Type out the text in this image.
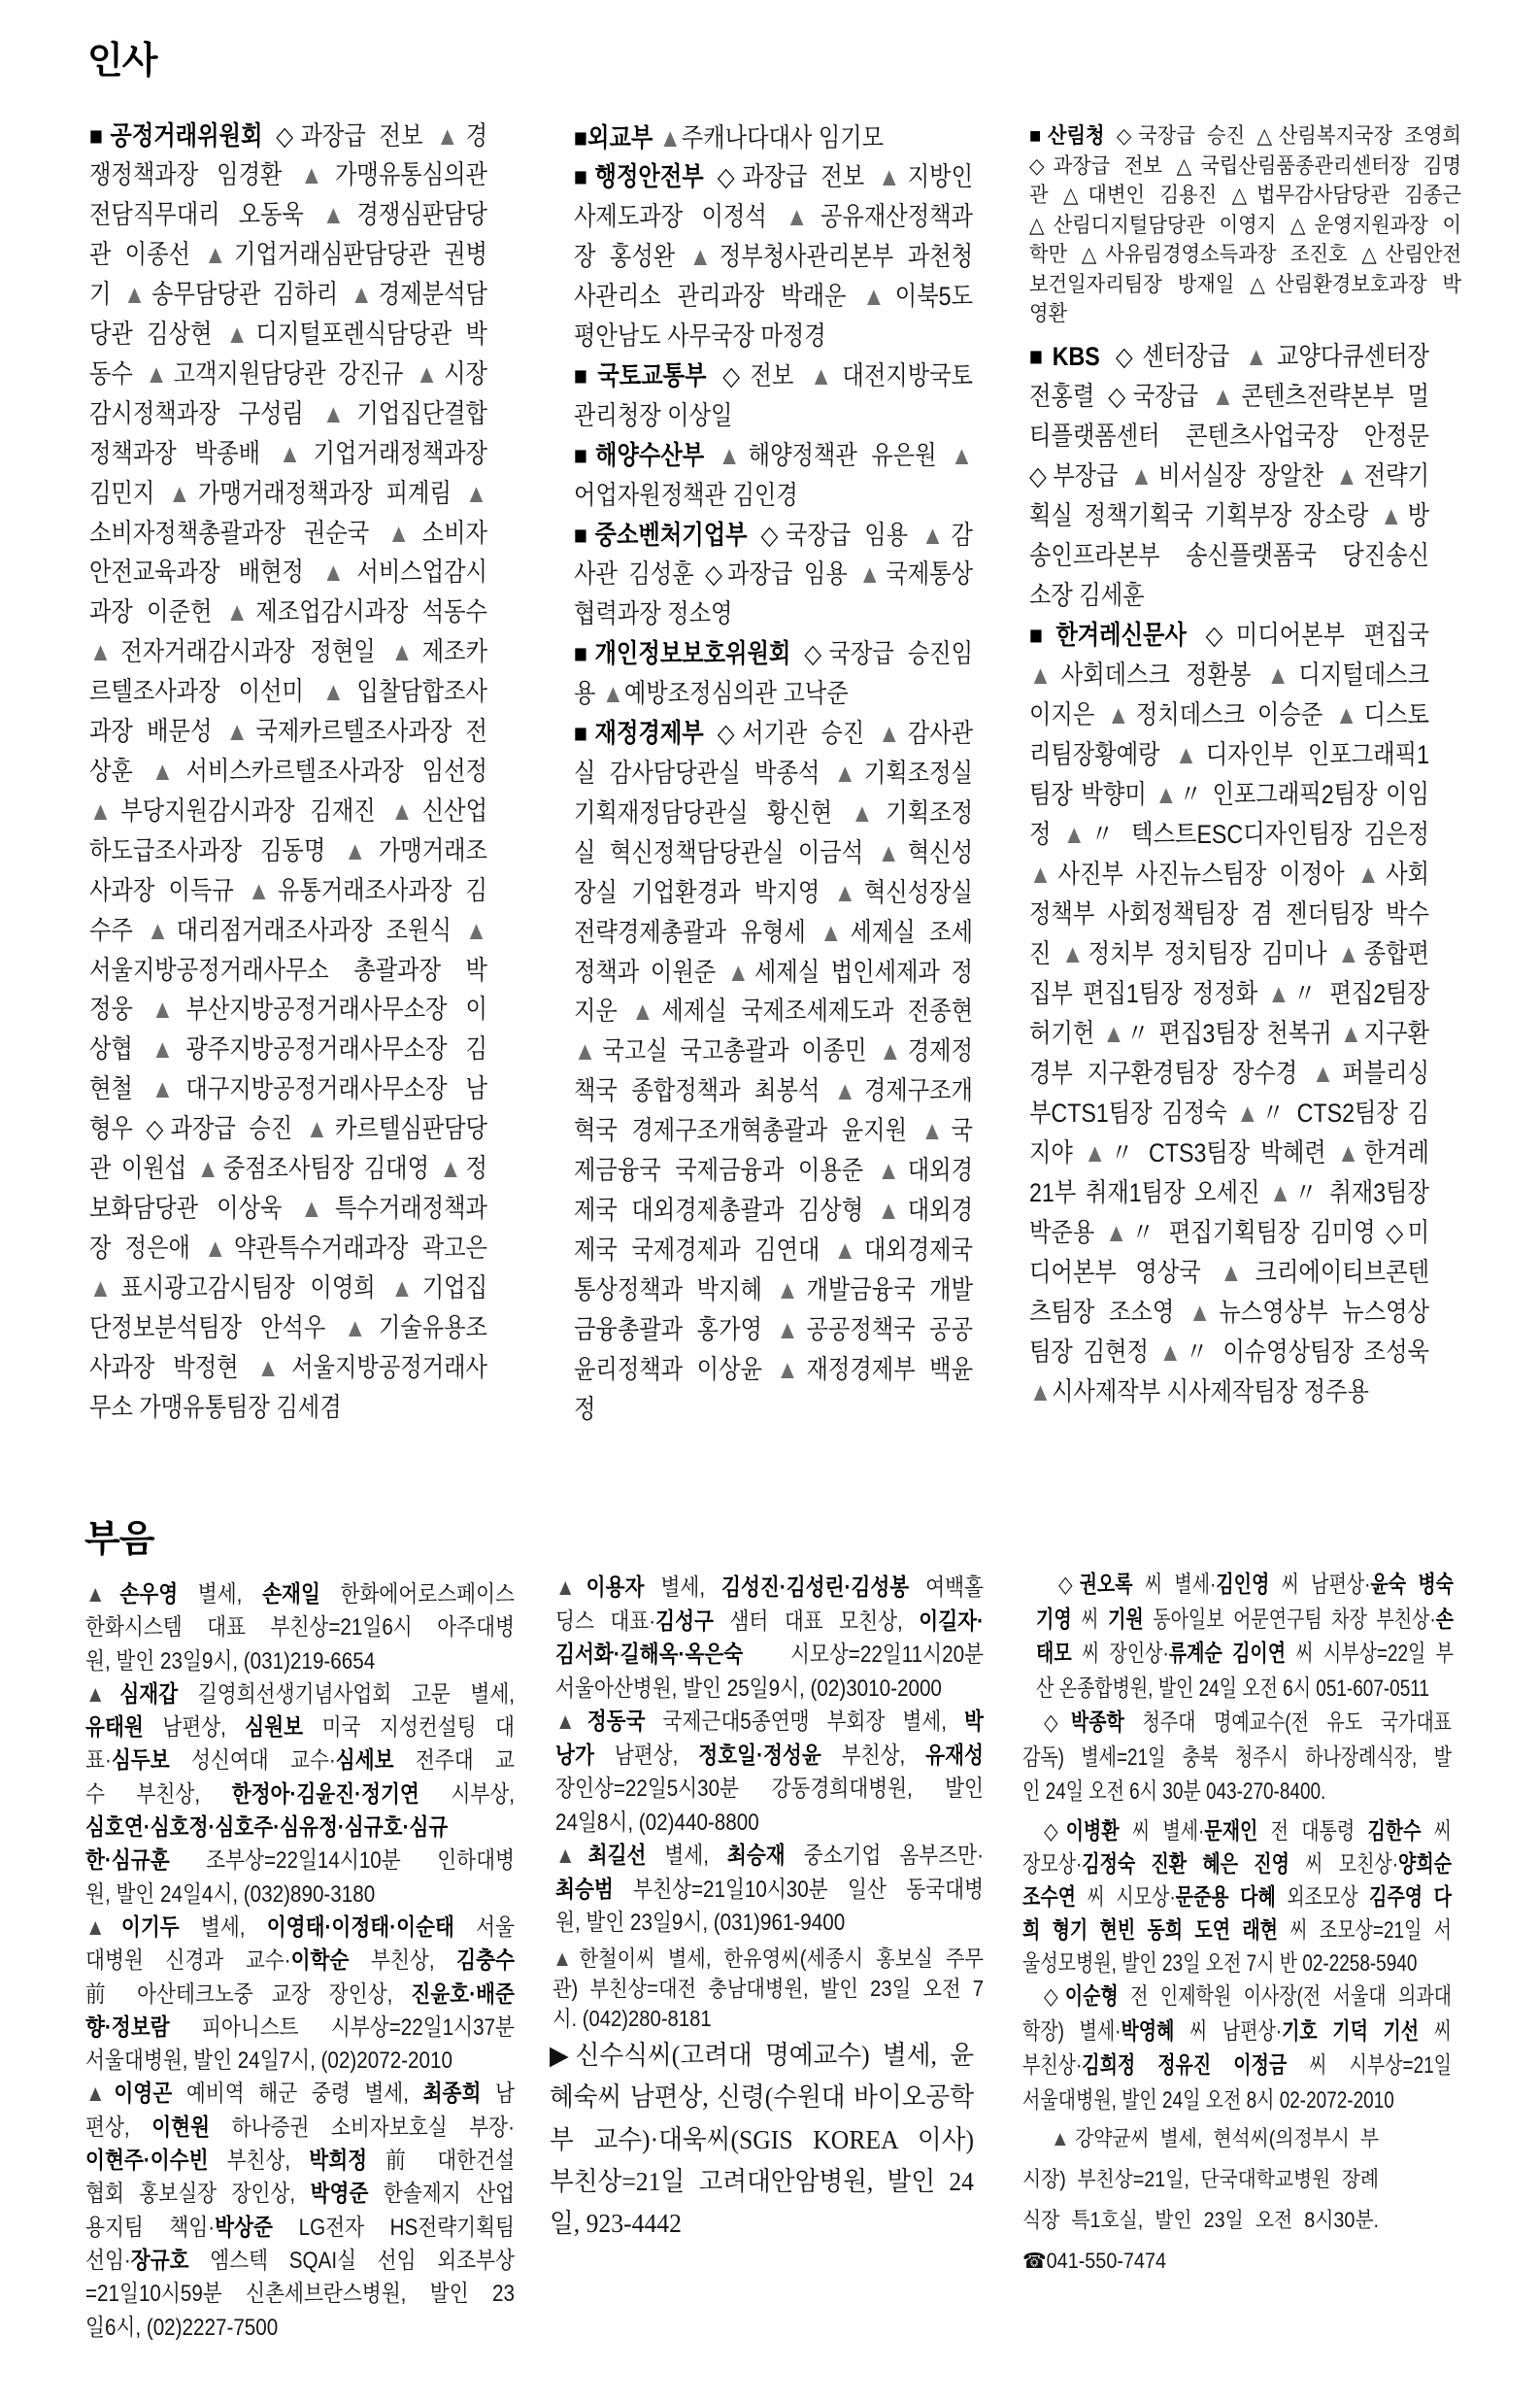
인사
■공정거래위원회 ◇과장급 전보 ▲경
쟁정책과장 임경환 ▲가맹유통심의관
전담직무대리 오동욱 ▲경쟁심판담당
관 이종선 ▲기업거래심판담당관 권병
기 ▲송무담당관 김하리 ▲경제분석담
당관 김상현 ▲디지털포렌식담당관 박
동수 ▲고객지원담당관 강진규 ▲시장
감시정책과장 구성림 ▲기업집단결합
정책과장 박종배 ▲기업거래정책과장
김민지 ▲가맹거래정책과장 피계림 ▲
소비자정책총괄과장 권순국 ▲소비자
안전교육과장 배현정 ▲서비스업감시
과장 이준헌 ▲제조업감시과장 석동수
▲전자거래감시과장 정현일 ▲제조카
르텔조사과장 이선미 ▲입찰담합조사
과장 배문성 ▲국제카르텔조사과장 전
상훈 ▲서비스카르텔조사과장 임선정
▲부당지원감시과장 김재진 ▲신산업
하도급조사과장 김동명 ▲가맹거래조
사과장 이득규 ▲유통거래조사과장 김
수주 ▲대리점거래조사과장 조원식 ▲
서울지방공정거래사무소 총괄과장 박
정웅 ▲부산지방공정거래사무소장 이
상협 ▲광주지방공정거래사무소장 김
현철 ▲대구지방공정거래사무소장 남
형우 ◇과장급 승진 ▲카르텔심판담당
관 이원섭 ▲중점조사팀장 김대영 ▲정
보화담당관 이상욱 ▲특수거래정책과
장 정은애 ▲약관특수거래과장 곽고은
▲표시광고감시팀장 이영희 ▲기업집
단정보분석팀장 안석우 ▲기술유용조
사과장 박정현 ▲서울지방공정거래사
무소 가맹유통팀장 김세겸
■외교부 ▲주캐나다대사 임기모
■행정안전부 ◇과장급 전보 ▲지방인
사제도과장 이정석 ▲공유재산정책과
장 홍성완 ▲정부청사관리본부 과천청
사관리소 관리과장 박래운 ▲이북5도
평안남도 사무국장 마정경
■국토교통부 ◇전보 ▲대전지방국토
관리청장 이상일
■해양수산부 ▲해양정책관 유은원 ▲
어업자원정책관 김인경
■중소벤처기업부 ◇국장급 임용 ▲감
사관 김성훈 ◇과장급 임용 ▲국제통상
협력과장 정소영
■개인정보보호위원회 ◇국장급 승진임
용 ▲예방조정심의관 고낙준
■재정경제부 ◇서기관 승진 ▲감사관
실 감사담당관실 박종석 ▲기획조정실
기획재정담당관실 황신현 ▲기획조정
실 혁신정책담당관실 이금석 ▲혁신성
장실 기업환경과 박지영 ▲혁신성장실
전략경제총괄과 유형세 ▲세제실 조세
정책과 이원준 ▲세제실 법인세제과 정
지운 ▲세제실 국제조세제도과 전종현
▲국고실 국고총괄과 이종민 ▲경제정
책국 종합정책과 최봉석 ▲경제구조개
혁국 경제구조개혁총괄과 윤지원 ▲국
제금융국 국제금융과 이용준 ▲대외경
제국 대외경제총괄과 김상형 ▲대외경
제국 국제경제과 김연대 ▲대외경제국
통상정책과 박지혜 ▲개발금융국 개발
금융총괄과 홍가영 ▲공공정책국 공공
윤리정책과 이상윤 ▲재정경제부 백윤
정
■산림청 ◇국장급 승진 △산림복지국장 조영희
◇과장급 전보 △국립산림품종관리센터장 김명
관 △대변인 김용진 △법무감사담당관 김종근
△산림디지털담당관 이영지 △운영지원과장 이
학만 △사유림경영소득과장 조진호 △산림안전
보건일자리팀장 방재일 △산림환경보호과장 박
영환
■KBS ◇센터장급 ▲교양다큐센터장
전홍렬 ◇국장급 ▲콘텐츠전략본부 멀
티플랫폼센터 콘텐츠사업국장 안정문
◇부장급 ▲비서실장 장알찬 ▲전략기
획실 정책기획국 기획부장 장소랑 ▲방
송인프라본부 송신플랫폼국 당진송신
소장 김세훈
■한겨레신문사 ◇미디어본부 편집국
▲사회데스크 정환봉 ▲디지털데스크
이지은 ▲정치데스크 이승준 ▲디스토
리팀장황예랑 ▲디자인부 인포그래픽1
팀장 박향미 ▲〃 인포그래픽2팀장 이임
정 ▲〃 텍스트ESC디자인팀장 김은정
▲사진부 사진뉴스팀장 이정아 ▲사회
정책부 사회정책팀장 겸 젠더팀장 박수
진 ▲정치부 정치팀장 김미나 ▲종합편
집부 편집1팀장 정정화 ▲〃 편집2팀장
허기헌 ▲〃 편집3팀장 천복귀 ▲지구환
경부 지구환경팀장 장수경 ▲퍼블리싱
부CTS1팀장 김정숙 ▲〃 CTS2팀장 김
지야 ▲〃 CTS3팀장 박혜련 ▲한겨레
21부 취재1팀장 오세진 ▲〃 취재3팀장
박준용 ▲〃 편집기획팀장 김미영 ◇미
디어본부 영상국 ▲크리에이티브콘텐
츠팀장 조소영 ▲뉴스영상부 뉴스영상
팀장 김현정 ▲〃 이슈영상팀장 조성욱
▲시사제작부 시사제작팀장 정주용
부음
▲손우영 별세, 손재일 한화에어로스페이스
한화시스템 대표 부친상=21일6시 아주대병
원, 발인 23일9시, (031)219-6654
▲심재갑 길영희선생기념사업회 고문 별세,
유태원 남편상, 심원보 미국 지성컨설팅 대
표·심두보 성신여대 교수·심세보 전주대 교
수 부친상, 한정아·김윤진·정기연 시부상,
심호연·심호정·심호주·심유정·심규호·심규
한·심규훈 조부상=22일14시10분 인하대병
원, 발인 24일4시, (032)890-3180
▲이기두 별세, 이영태·이정태·이순태 서울
대병원 신경과 교수·이학순 부친상, 김충수
前 아산테크노중 교장 장인상, 진윤호·배준
향·정보람 피아니스트 시부상=22일1시37분
서울대병원, 발인 24일7시, (02)2072-2010
▲이영곤 예비역 해군 중령 별세, 최종희 남
편상, 이현원 하나증권 소비자보호실 부장·
이현주·이수빈 부친상, 박희정 前 대한건설
협회 홍보실장 장인상, 박영준 한솔제지 산업
용지팀 책임·박상준 LG전자 HS전략기획팀
선임·장규호 엠스텍 SQAI실 선임 외조부상
=21일10시59분 신촌세브란스병원, 발인 23
일6시, (02)2227-7500
▲이용자 별세, 김성진·김성린·김성봉 여백홀
딩스 대표·김성구 샘터 대표 모친상, 이길자·
김서화·길해옥·옥은숙 시모상=22일11시20분
서울아산병원, 발인 25일9시, (02)3010-2000
▲정동국 국제근대5종연맹 부회장 별세, 박
낭가 남편상, 정호일·정성윤 부친상, 유재성
장인상=22일5시30분 강동경희대병원, 발인
24일8시, (02)440-8800
▲최길선 별세, 최승재 중소기업 옴부즈만·
최승범 부친상=21일10시30분 일산 동국대병
원, 발인 23일9시, (031)961-9400
▲한철이씨 별세, 한유영씨(세종시 홍보실 주무
관) 부친상=대전 충남대병원, 발인 23일 오전 7
시. (042)280-8181
▶신수식씨(고려대 명예교수) 별세, 윤
혜숙씨 남편상, 신령(수원대 바이오공학
부 교수)·대욱씨(SGIS KOREA 이사)
부친상=21일 고려대안암병원, 발인 24
일, 923-4442
◇권오록 씨 별세·김인영 씨 남편상·윤숙 병숙
기영 씨 기원 동아일보 어문연구팀 차장 부친상·손
태모 씨 장인상·류계순 김이연 씨 시부상=22일 부
산 온종합병원, 발인 24일 오전 6시 051-607-0511
◇박종학 청주대 명예교수(전 유도 국가대표
감독) 별세=21일 충북 청주시 하나장례식장, 발
인 24일 오전 6시 30분 043-270-8400.
◇이병환 씨 별세·문재인 전 대통령 김한수 씨
장모상·김정숙 진환 혜은 진영 씨 모친상·양희순
조수연 씨 시모상·문준용 다혜 외조모상 김주영 다
희 형기 현빈 동희 도연 래현 씨 조모상=21일 서
울성모병원, 발인 23일 오전 7시 반 02-2258-5940
◇이순형 전 인제학원 이사장(전 서울대 의과대
학장) 별세·박영혜 씨 남편상·기호 기덕 기선 씨
부친상·김희정 정유진 이정금 씨 시부상=21일
서울대병원, 발인 24일 오전 8시 02-2072-2010
▲강약균씨 별세, 현석씨(의정부시 부
시장) 부친상=21일, 단국대학교병원 장례
식장 특1호실, 발인 23일 오전 8시30분.
☎041-550-7474
